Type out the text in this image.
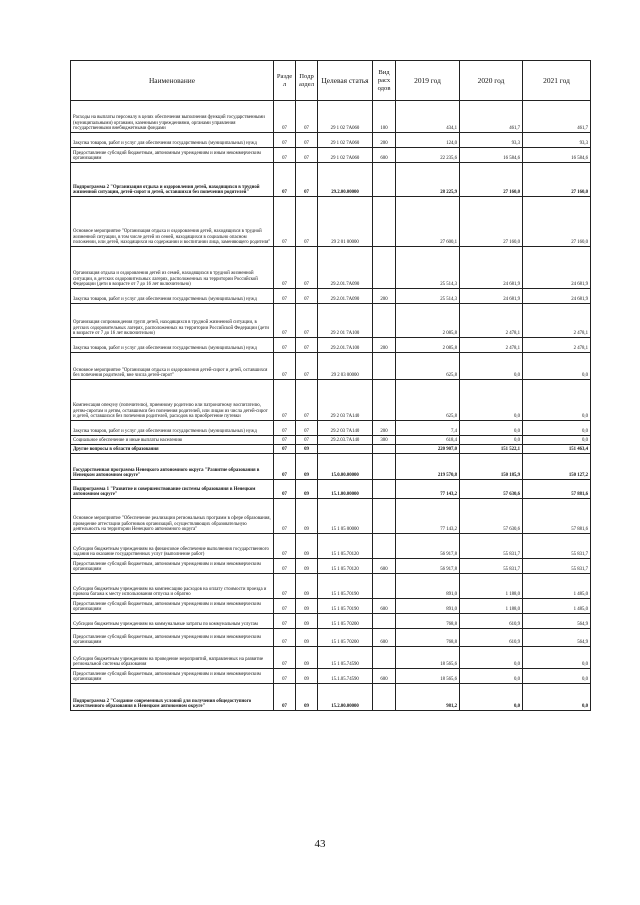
Наименование	Разде л	Подр аздел	Целевая статья	Вид расх одов	2019 год	2020 год	2021 год
Расходы на выплаты персоналу в целях обеспечения выполнения функций государственными (муниципальными) органами, казенными учреждениями, органами управления государственными внебюджетными фондами	07	07	29 1 02 7А060	100	434,1	461,7	461,7
Закупка товаров, работ и услуг для обеспечения государственных (муниципальных) нужд	07	07	29 1 02 7А060	200	124,0	93,3	93,3
Предоставление субсидий бюджетным, автономным учреждениям и иным некоммерческим организациям	07	07	29 1 02 7А060	600	22 235,6	16 584,6	16 584,6
Подпрограмма 2 "Организация отдыха и оздоровления детей, находящихся в трудной жизненной ситуации, детей-сирот и детей, оставшихся без попечения родителей"	07	07	29.2.00.00000		28 225,9	27 160,0	27 160,0
Основное мероприятие "Организация отдыха и оздоровления детей, находящихся в трудной жизненной ситуации, в том числе детей из семей, находящихся в социально опасном положении, или детей, находящихся на содержании и воспитании лица, заменяющего родителя"	07	07	29 2 01 00000		27 600,1	27 160,0	27 160,0
Организация отдыха и оздоровления детей из семей, находящихся в трудной жизненной ситуации, в детских оздоровительных лагерях, расположенных на территории Российской Федерации (дети в возрасте от 7 до 16 лет включительно)	07	07	29.2.01.7А090		25 514,3	24 681,9	24 681,9
Закупка товаров, работ и услуг для обеспечения государственных (муниципальных) нужд	07	07	29.2.01.7А090	200	25 514,3	24 681,9	24 681,9
Организация сопровождения групп детей, находящихся в трудной жизненной ситуации, в детских оздоровительных лагерях, расположенных на территории Российской Федерации (дети в возрасте от 7 до 16 лет включительно)	07	07	29 2 01 7А100		2 085,8	2 478,1	2 478,1
Закупка товаров, работ и услуг для обеспечения государственных (муниципальных) нужд	07	07	29.2.01.7А100	200	2 085,8	2 478,1	2 478,1
Основное мероприятие "Организация отдыха и оздоровления детей-сирот и детей, оставшихся без попечения родителей, вне числа детей-сирот"	07	07	29 2 03 00000		625,8	0,0	0,0
Компенсация опекуну (попечителю), приемному родителю или патронатному воспитателю, детям-сиротам и детям, оставшимся без попечения родителей, или лицам из числа детей-сирот и детей, оставшихся без попечения родителей, расходов на приобретение путевки	07	07	29 2 03 7А140		625,8	0,0	0,0
Закупка товаров, работ и услуг для обеспечения государственных (муниципальных) нужд	07	07	29.2 03 7А140	200	7,4	0,0	0,0
Социальное обеспечение и иные выплаты населению	07	07	29.2.03.7А140	300	618,4	0,0	0,0
Другие вопросы в области образования	07	09			220 907,0	151 522,1	151 463,4
Государственная программа Ненецкого автономного округа "Развитие образования в Ненецком автономном округе"	07	09	15.0.00.00000		219 570,8	150 185,9	150 127,2
Подпрограмма 1 "Развитие и совершенствование системы образования в Ненецком автономном округе"	07	09	15.1.00.00000		77 143,2	57 630,6	57 881,6
Основное мероприятие "Обеспечение реализации региональных программ в сфере образования, проведение аттестации работников организаций, осуществляющих образовательную деятельность на территории Ненецкого автономного округа"	07	09	15 1 05 00000		77 143,2	57 630,6	57 881,6
Субсидии бюджетным учреждениям на финансовое обеспечение выполнения государственного задания на оказание государственных услуг (выполнение работ)	07	09	15 1 05.70120		56 917,8	55 831,7	55 831,7
Предоставление субсидий бюджетным, автономным учреждениям и иным некоммерческим организациям	07	09	15 1 05 70120	600	56 917,8	55 831,7	55 831,7
Субсидии бюджетным учреждениям на компенсацию расходов на оплату стоимости проезда и провоза багажа к месту использования отпуска и обратно	07	09	15 1 05.70190		891,0	1 188,0	1 485,0
Предоставление субсидий бюджетным, автономным учреждениям и иным некоммерческим организациям	07	09	15 1 05 70190	600	891,0	1 188,0	1 485,0
Субсидии бюджетным учреждениям на коммунальные затраты по коммунальным услугам	07	09	15 1 05 70200		768,8	610,9	564,9
Предоставление субсидий бюджетным, автономным учреждениям и иным некоммерческим организациям	07	09	15 1 05 70200	600	768,8	610,9	564,9
Субсидии бюджетным учреждениям на проведение мероприятий, направленных на развитие региональной системы образования	07	09	15 1 05.74590		18 565,6	0,0	0,0
Предоставление субсидий бюджетным, автономным учреждениям и иным некоммерческим организациям	07	09	15.1.05.74590	600	18 565,6	0,0	0,0
Подпрограмма 2 "Создание современных условий для получения общедоступного качественного образования в Ненецком автономном округе"	07	09	15.2.00.00000		981,2	0,0	0,0
43
